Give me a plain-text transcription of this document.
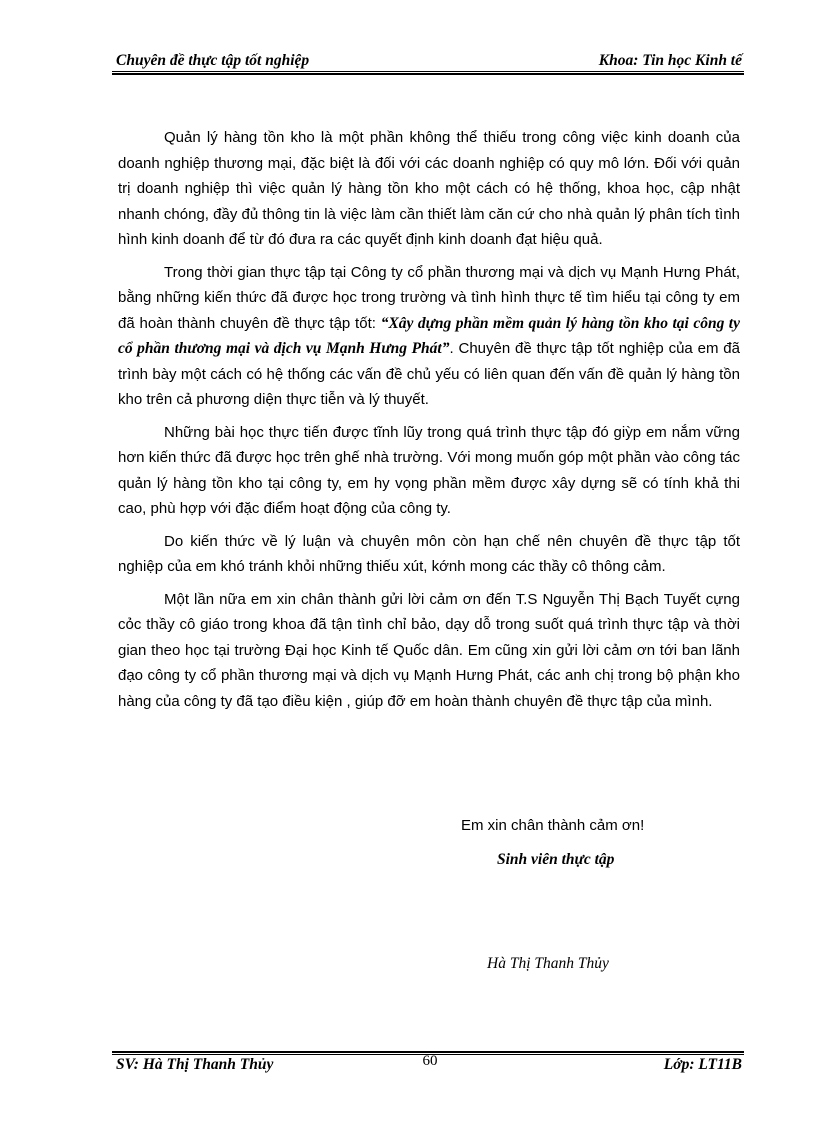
Chuyên đề thực tập tốt nghiệp	Khoa: Tin học Kinh tế

Quản lý hàng tồn kho là một phần không thể thiếu trong công việc kinh doanh của doanh nghiệp thương mại, đặc biệt là đối với các doanh nghiệp có quy mô lớn. Đối với quản trị doanh nghiệp thì việc quản lý hàng tồn kho một cách có hệ thống, khoa học, cập nhật nhanh chóng, đầy đủ thông tin là việc làm cần thiết làm căn cứ cho nhà quản lý phân tích tình hình kinh doanh để từ đó đưa ra các quyết định kinh doanh đạt hiệu quả.

Trong thời gian thực tập tại Công ty cổ phần thương mại và dịch vụ Mạnh Hưng Phát, bằng những kiến thức đã được học trong trường và tình hình thực tế tìm hiểu tại công ty em đã hoàn thành chuyên đề thực tập tốt: “Xây dựng phần mềm quản lý hàng tồn kho tại công ty cổ phần thương mại và dịch vụ Mạnh Hưng Phát”. Chuyên đề thực tập tốt nghiệp của em đã trình bày một cách có hệ thống các vấn đề chủ yếu có liên quan đến vấn đề quản lý hàng tồn kho trên cả phương diện thực tiễn và lý thuyết.

Những bài học thực tiến được tĩnh lũy trong quá trình thực tập đó giỳp em nắm vững hơn kiến thức đã được học trên ghế nhà trường. Với mong muốn góp một phần vào công tác quản lý hàng tồn kho tại công ty, em hy vọng phần mềm được xây dựng sẽ có tính khả thi cao, phù hợp với đặc điểm hoạt động của công ty.

Do kiến thức về lý luận và chuyên môn còn hạn chế nên chuyên đề thực tập tốt nghiệp của em khó tránh khỏi những thiếu xút, kớnh mong các thầy cô thông cảm.

Một lần nữa em xin chân thành gửi lời cảm ơn đến T.S Nguyễn Thị Bạch Tuyết cựng cỏc thầy cô giáo trong khoa đã tận tình chỉ bảo, dạy dỗ trong suốt quá trình thực tập và thời gian theo học tại trường Đại học Kinh tế Quốc dân. Em cũng xin gửi lời cảm ơn tới ban lãnh đạo công ty cổ phần thương mại và dịch vụ Mạnh Hưng Phát, các anh chị trong bộ phận kho hàng của công ty đã tạo điều kiện , giúp đỡ em hoàn thành chuyên đề thực tập của mình.

Em xin chân thành cảm ơn!
Sinh viên thực tập
Hà Thị Thanh Thủy
SV: Hà Thị Thanh Thủy	Lớp: LT11B
60
